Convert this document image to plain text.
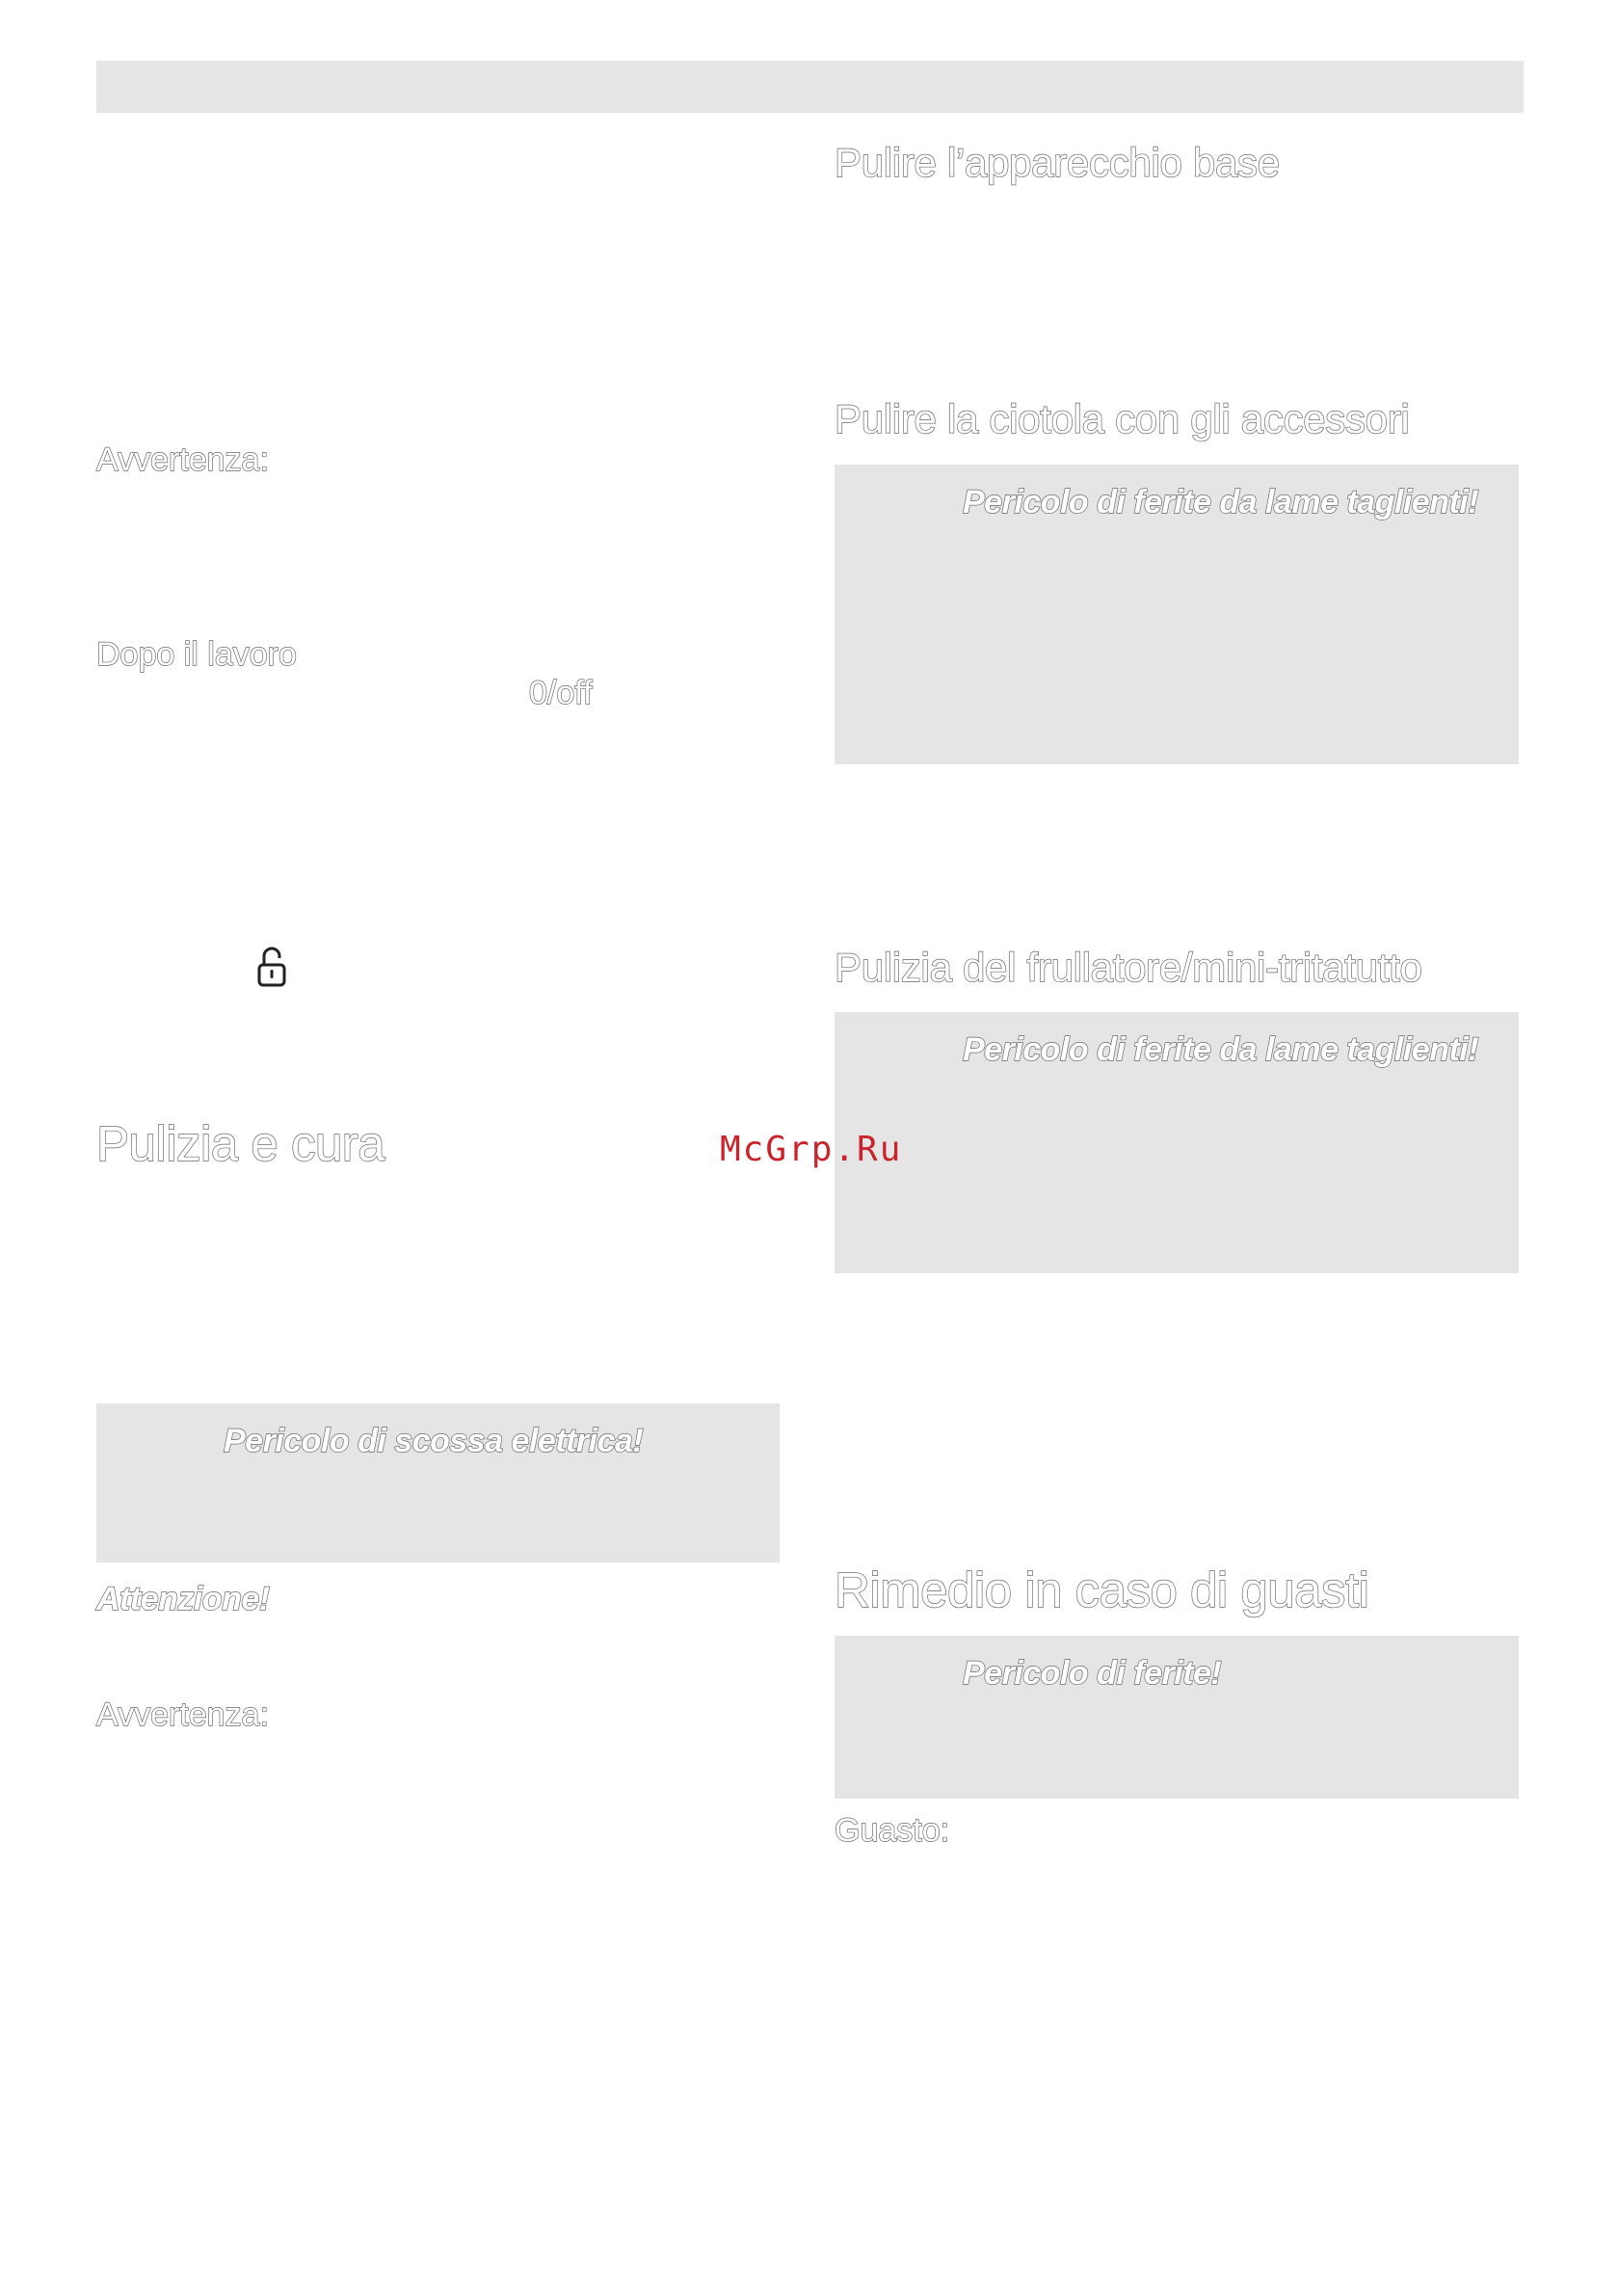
Avvertenza:
Dopo il lavoro
0/off
Pulizia e cura
Pericolo di scossa elettrica!
Attenzione!
Avvertenza:
Pulire l’apparecchio base
Pulire la ciotola con gli accessori
Pericolo di ferite da lame taglienti!
Pulizia del frullatore/mini-tritatutto
Pericolo di ferite da lame taglienti!
Rimedio in caso di guasti
Pericolo di ferite!
Guasto:
McGrp.Ru
